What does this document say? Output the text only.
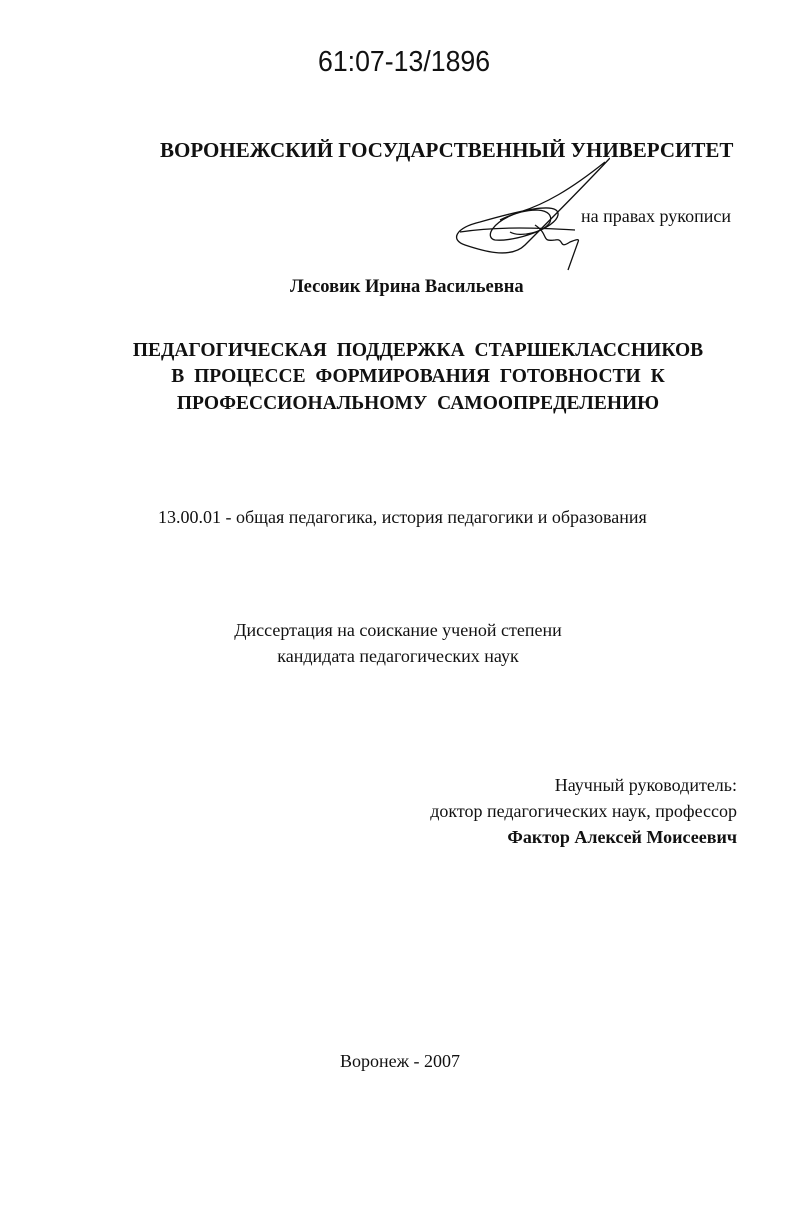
61:07-13/1896
ВОРОНЕЖСКИЙ ГОСУДАРСТВЕННЫЙ УНИВЕРСИТЕТ
на правах рукописи
Лесовик Ирина Васильевна
ПЕДАГОГИЧЕСКАЯ ПОДДЕРЖКА СТАРШЕКЛАССНИКОВ
В ПРОЦЕССЕ ФОРМИРОВАНИЯ ГОТОВНОСТИ К
ПРОФЕССИОНАЛЬНОМУ САМООПРЕДЕЛЕНИЮ
13.00.01 - общая педагогика, история педагогики и образования
Диссертация на соискание ученой степени
кандидата педагогических наук
Научный руководитель:
доктор педагогических наук, профессор
Фактор Алексей Моисеевич
Воронеж - 2007
